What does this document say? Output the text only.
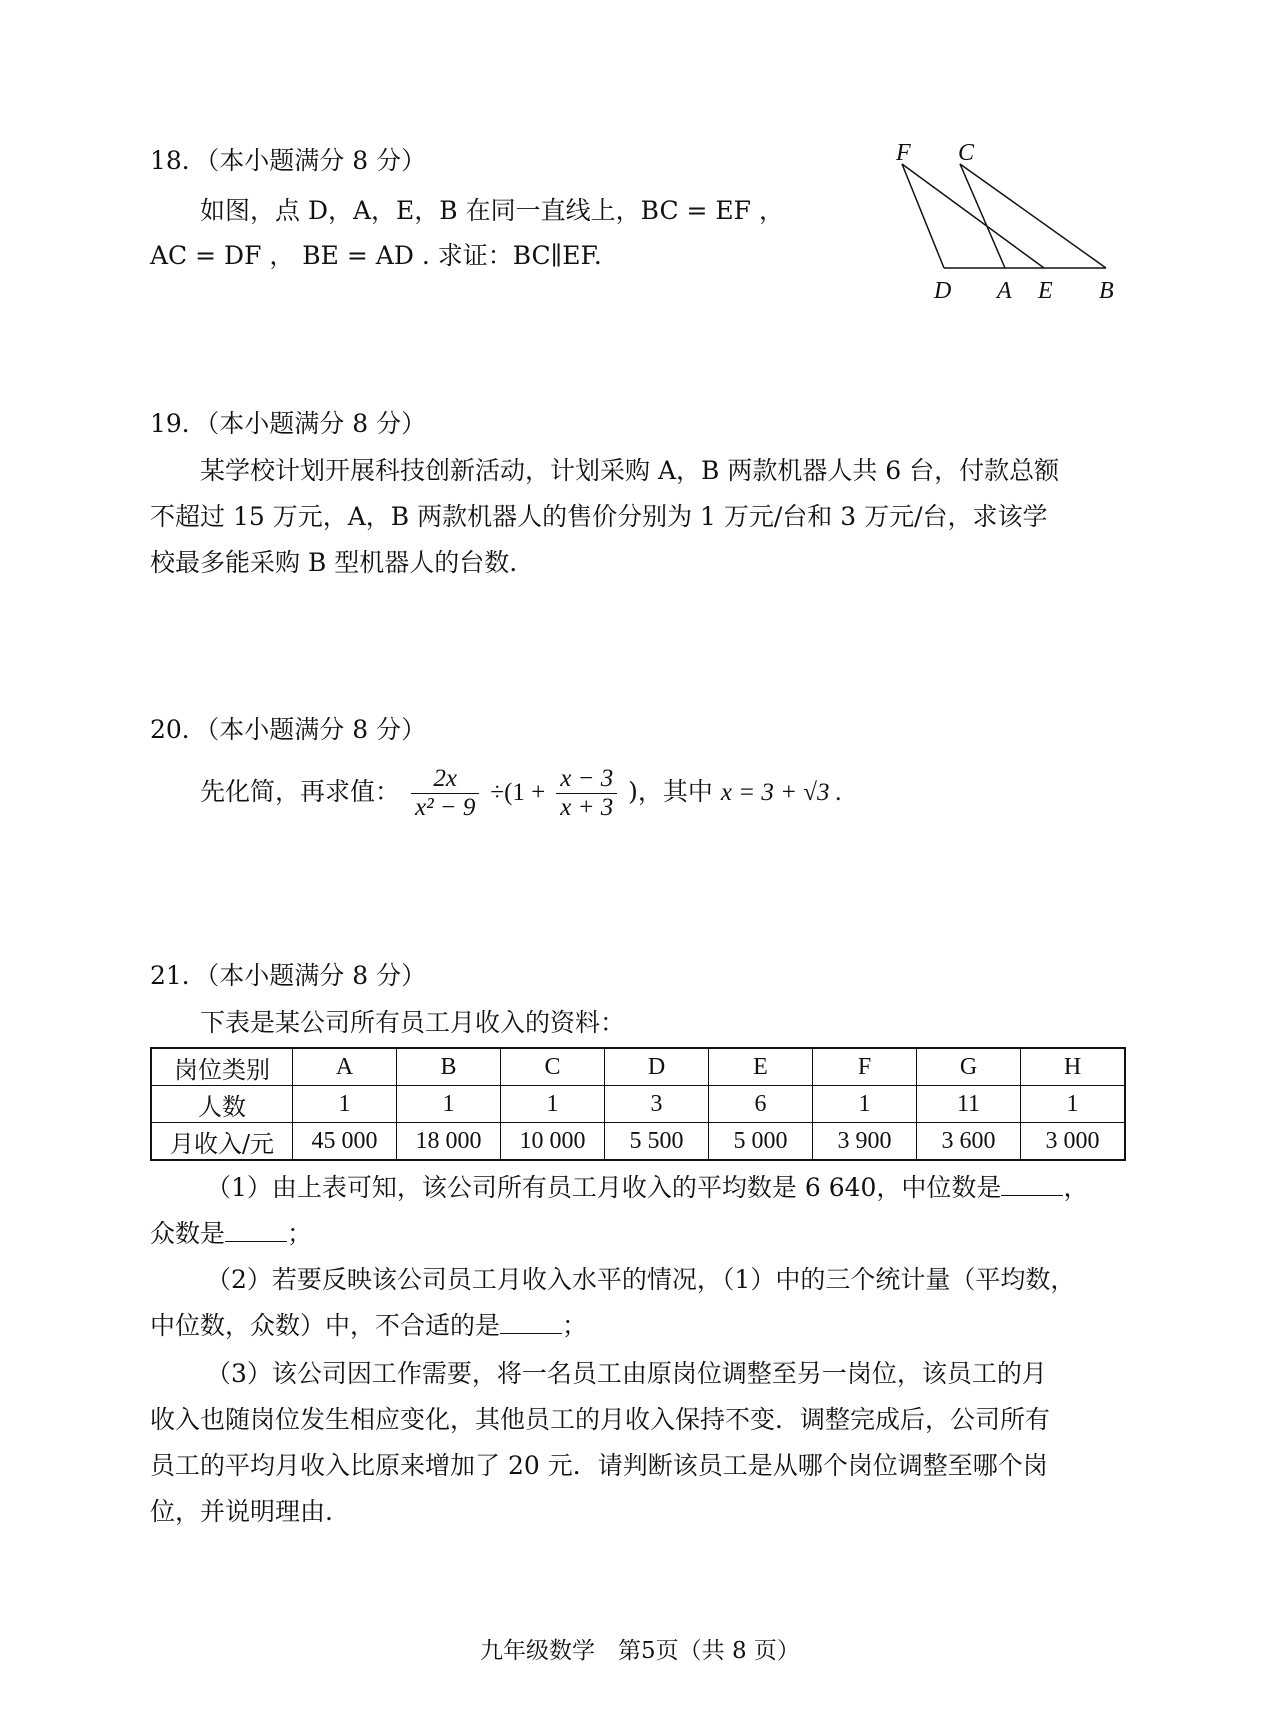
18．（本小题满分 8 分）
如图，点 D，A，E，B 在同一直线上，BC = EF ，
AC = DF ， BE = AD . 求证：BC∥EF.
F C
D A E B
19．（本小题满分 8 分）
某学校计划开展科技创新活动，计划采购 A，B 两款机器人共 6 台，付款总额
不超过 15 万元，A，B 两款机器人的售价分别为 1 万元/台和 3 万元/台，求该学
校最多能采购 B 型机器人的台数.
20．（本小题满分 8 分）
先化简，再求值： $\frac{2x}{\text{x² − 9}} \div(1 + \frac{x - 3}{x + 3}$ )，其中 x = 3 + √3 .
21．（本小题满分 8 分）
下表是某公司所有员工月收入的资料：
岗位类别	A	B	C	D	E	F	G	H
人数	1	1	1	3	6	1	11	1
月收入/元	45 000	18 000	10 000	5 500	5 000	3 900	3 600	3 000
（1）由上表可知，该公司所有员工月收入的平均数是 6 640，中位数是 ，
众数是 ；
（2）若要反映该公司员工月收入水平的情况，（1）中的三个统计量（平均数，
中位数，众数）中，不合适的是 ；
（3）该公司因工作需要，将一名员工由原岗位调整至另一岗位，该员工的月
收入也随岗位发生相应变化，其他员工的月收入保持不变．调整完成后，公司所有
员工的平均月收入比原来增加了 20 元．请判断该员工是从哪个岗位调整至哪个岗
位，并说明理由.
九年级数学　第5页（共 8 页）
